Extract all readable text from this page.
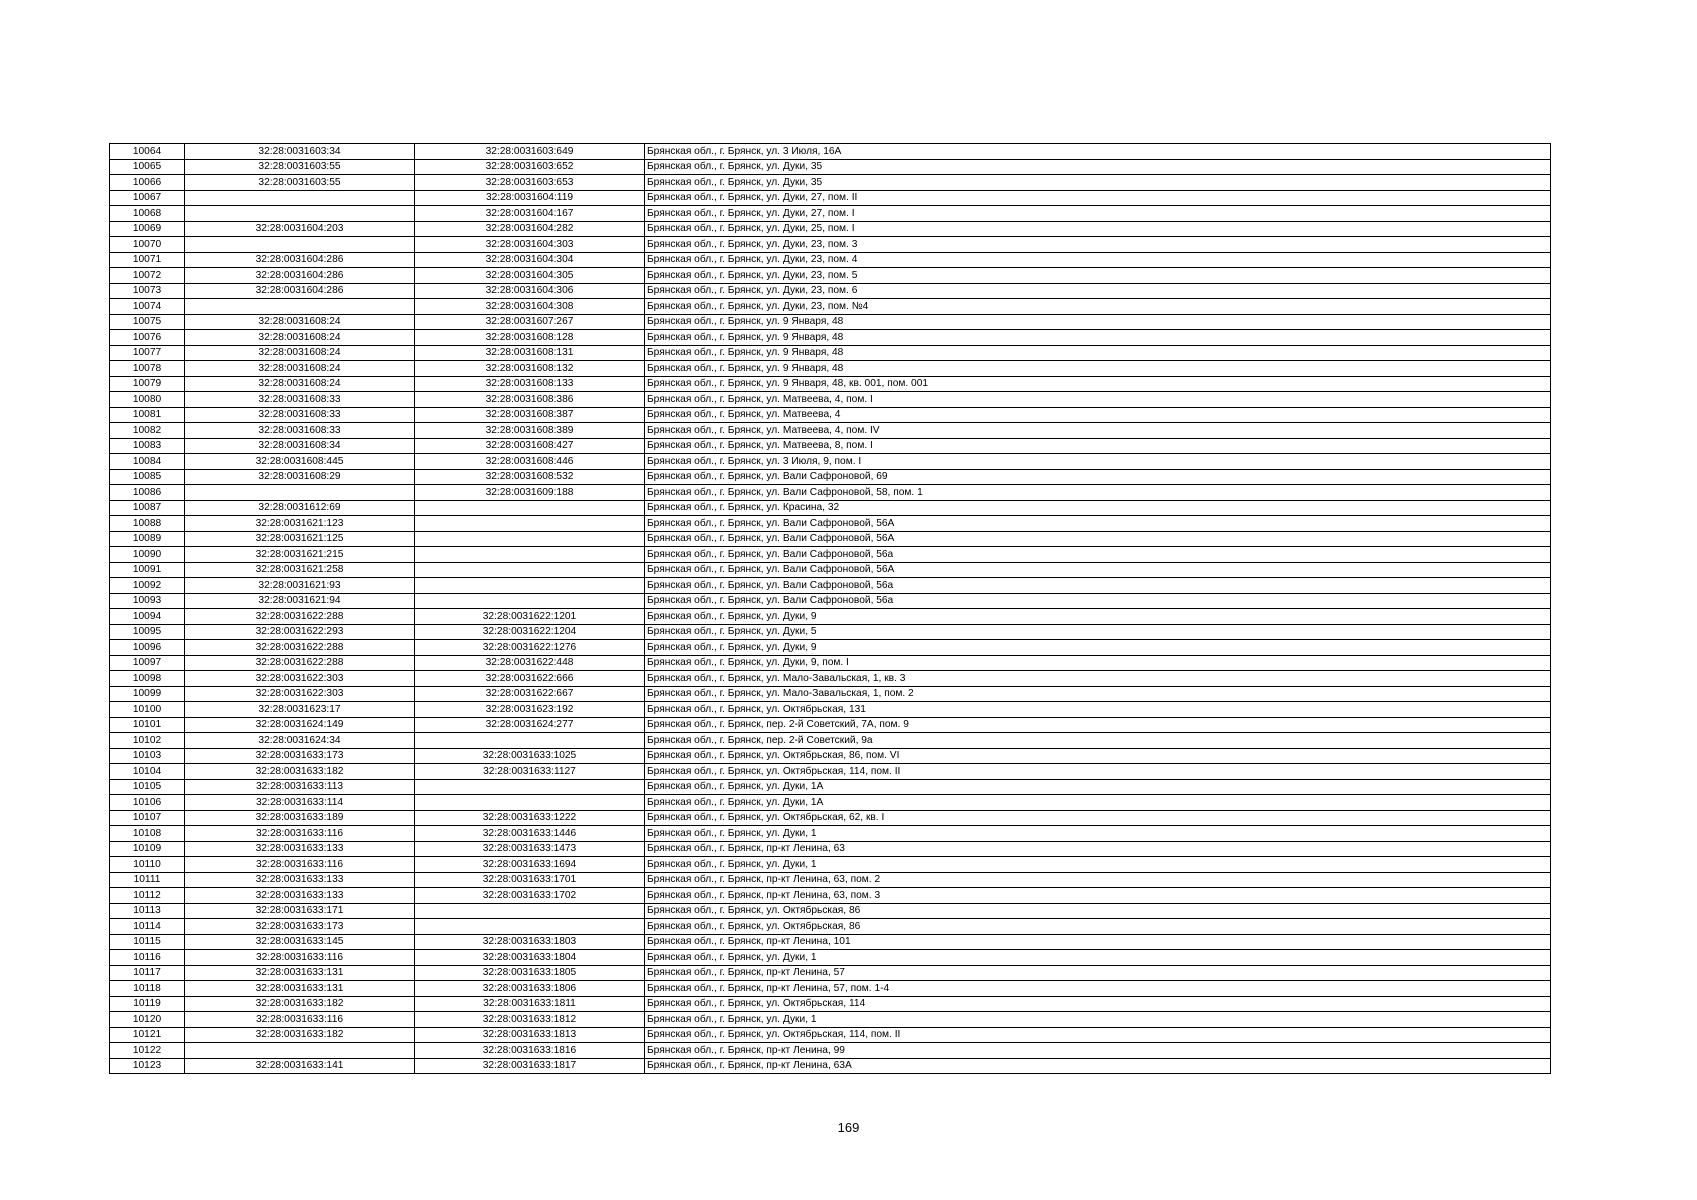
10064	32:28:0031603:34	32:28:0031603:649	Брянская обл., г. Брянск, ул. 3 Июля, 16А
10065	32:28:0031603:55	32:28:0031603:652	Брянская обл., г. Брянск, ул. Дуки, 35
10066	32:28:0031603:55	32:28:0031603:653	Брянская обл., г. Брянск, ул. Дуки, 35
10067		32:28:0031604:119	Брянская обл., г. Брянск, ул. Дуки, 27, пом. II
10068		32:28:0031604:167	Брянская обл., г. Брянск, ул. Дуки, 27, пом. I
10069	32:28:0031604:203	32:28:0031604:282	Брянская обл., г. Брянск, ул. Дуки, 25, пом. I
10070		32:28:0031604:303	Брянская обл., г. Брянск, ул. Дуки, 23, пом. 3
10071	32:28:0031604:286	32:28:0031604:304	Брянская обл., г. Брянск, ул. Дуки, 23, пом. 4
10072	32:28:0031604:286	32:28:0031604:305	Брянская обл., г. Брянск, ул. Дуки, 23, пом. 5
10073	32:28:0031604:286	32:28:0031604:306	Брянская обл., г. Брянск, ул. Дуки, 23, пом. 6
10074		32:28:0031604:308	Брянская обл., г. Брянск, ул. Дуки, 23, пом. №4
10075	32:28:0031608:24	32:28:0031607:267	Брянская обл., г. Брянск, ул. 9 Января, 48
10076	32:28:0031608:24	32:28:0031608:128	Брянская обл., г. Брянск, ул. 9 Января, 48
10077	32:28:0031608:24	32:28:0031608:131	Брянская обл., г. Брянск, ул. 9 Января, 48
10078	32:28:0031608:24	32:28:0031608:132	Брянская обл., г. Брянск, ул. 9 Января, 48
10079	32:28:0031608:24	32:28:0031608:133	Брянская обл., г. Брянск, ул. 9 Января, 48, кв. 001, пом. 001
10080	32:28:0031608:33	32:28:0031608:386	Брянская обл., г. Брянск, ул. Матвеева, 4, пом. I
10081	32:28:0031608:33	32:28:0031608:387	Брянская обл., г. Брянск, ул. Матвеева, 4
10082	32:28:0031608:33	32:28:0031608:389	Брянская обл., г. Брянск, ул. Матвеева, 4, пом. IV
10083	32:28:0031608:34	32:28:0031608:427	Брянская обл., г. Брянск, ул. Матвеева, 8, пом. I
10084	32:28:0031608:445	32:28:0031608:446	Брянская обл., г. Брянск, ул. 3 Июля, 9, пом. I
10085	32:28:0031608:29	32:28:0031608:532	Брянская обл., г. Брянск, ул. Вали Сафроновой, 69
10086		32:28:0031609:188	Брянская обл., г. Брянск, ул. Вали Сафроновой, 58, пом. 1
10087	32:28:0031612:69		Брянская обл., г. Брянск, ул. Красина, 32
10088	32:28:0031621:123		Брянская обл., г. Брянск, ул. Вали Сафроновой, 56А
10089	32:28:0031621:125		Брянская обл., г. Брянск, ул. Вали Сафроновой, 56А
10090	32:28:0031621:215		Брянская обл., г. Брянск, ул. Вали Сафроновой, 56а
10091	32:28:0031621:258		Брянская обл., г. Брянск, ул. Вали Сафроновой, 56А
10092	32:28:0031621:93		Брянская обл., г. Брянск, ул. Вали Сафроновой, 56а
10093	32:28:0031621:94		Брянская обл., г. Брянск, ул. Вали Сафроновой, 56а
10094	32:28:0031622:288	32:28:0031622:1201	Брянская обл., г. Брянск, ул. Дуки, 9
10095	32:28:0031622:293	32:28:0031622:1204	Брянская обл., г. Брянск, ул. Дуки, 5
10096	32:28:0031622:288	32:28:0031622:1276	Брянская обл., г. Брянск, ул. Дуки, 9
10097	32:28:0031622:288	32:28:0031622:448	Брянская обл., г. Брянск, ул. Дуки, 9, пом. I
10098	32:28:0031622:303	32:28:0031622:666	Брянская обл., г. Брянск, ул. Мало-Завальская, 1, кв. 3
10099	32:28:0031622:303	32:28:0031622:667	Брянская обл., г. Брянск, ул. Мало-Завальская, 1, пом. 2
10100	32:28:0031623:17	32:28:0031623:192	Брянская обл., г. Брянск, ул. Октябрьская, 131
10101	32:28:0031624:149	32:28:0031624:277	Брянская обл., г. Брянск, пер. 2-й Советский, 7А, пом. 9
10102	32:28:0031624:34		Брянская обл., г. Брянск, пер. 2-й Советский, 9а
10103	32:28:0031633:173	32:28:0031633:1025	Брянская обл., г. Брянск, ул. Октябрьская, 86, пом. VI
10104	32:28:0031633:182	32:28:0031633:1127	Брянская обл., г. Брянск, ул. Октябрьская, 114, пом. II
10105	32:28:0031633:113		Брянская обл., г. Брянск, ул. Дуки, 1А
10106	32:28:0031633:114		Брянская обл., г. Брянск, ул. Дуки, 1А
10107	32:28:0031633:189	32:28:0031633:1222	Брянская обл., г. Брянск, ул. Октябрьская, 62, кв. I
10108	32:28:0031633:116	32:28:0031633:1446	Брянская обл., г. Брянск, ул. Дуки, 1
10109	32:28:0031633:133	32:28:0031633:1473	Брянская обл., г. Брянск, пр-кт Ленина, 63
10110	32:28:0031633:116	32:28:0031633:1694	Брянская обл., г. Брянск, ул. Дуки, 1
10111	32:28:0031633:133	32:28:0031633:1701	Брянская обл., г. Брянск, пр-кт Ленина, 63, пом. 2
10112	32:28:0031633:133	32:28:0031633:1702	Брянская обл., г. Брянск, пр-кт Ленина, 63, пом. 3
10113	32:28:0031633:171		Брянская обл., г. Брянск, ул. Октябрьская, 86
10114	32:28:0031633:173		Брянская обл., г. Брянск, ул. Октябрьская, 86
10115	32:28:0031633:145	32:28:0031633:1803	Брянская обл., г. Брянск, пр-кт Ленина, 101
10116	32:28:0031633:116	32:28:0031633:1804	Брянская обл., г. Брянск, ул. Дуки, 1
10117	32:28:0031633:131	32:28:0031633:1805	Брянская обл., г. Брянск, пр-кт Ленина, 57
10118	32:28:0031633:131	32:28:0031633:1806	Брянская обл., г. Брянск, пр-кт Ленина, 57, пом. 1-4
10119	32:28:0031633:182	32:28:0031633:1811	Брянская обл., г. Брянск, ул. Октябрьская, 114
10120	32:28:0031633:116	32:28:0031633:1812	Брянская обл., г. Брянск, ул. Дуки, 1
10121	32:28:0031633:182	32:28:0031633:1813	Брянская обл., г. Брянск, ул. Октябрьская, 114, пом. II
10122		32:28:0031633:1816	Брянская обл., г. Брянск, пр-кт Ленина, 99
10123	32:28:0031633:141	32:28:0031633:1817	Брянская обл., г. Брянск, пр-кт Ленина, 63А
169
